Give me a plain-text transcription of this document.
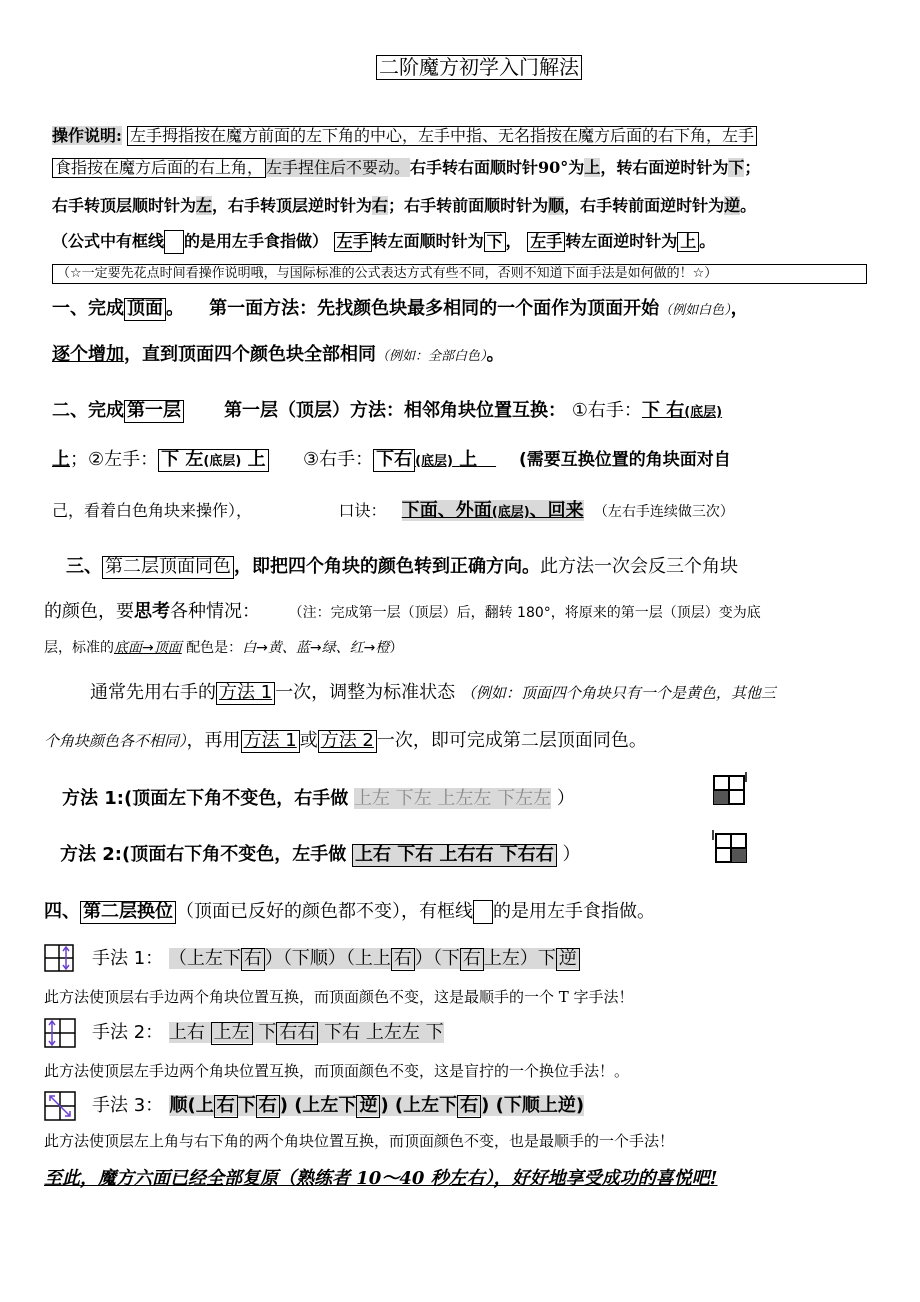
二阶魔方初学入门解法
操作说明: 左手拇指按在魔方前面的左下角的中心，左手中指、无名指按在魔方后面的右下角，左手
食指按在魔方后面的右上角， 左手捏住后不要动。右手转右面顺时针90°为上，转右面逆时针为下；
右手转顶层顺时针为左，右手转顶层逆时针为右；右手转前面顺时针为顺，右手转前面逆时针为逆。
（公式中有框线 的是用左手食指做） 左手 转左面顺时针为 下 ， 左手 转左面逆时针为 上 。
（☆一定要先花点时间看操作说明哦，与国际标准的公式表达方式有些不同，否则不知道下面手法是如何做的！☆）
一、完成 顶面 。 第一面方法：先找颜色块最多相同的一个面作为顶面开始（例如白色），
逐个增加，直到顶面四个颜色块全部相同（例如：全部白色）。
二、完成 第一层 第一层（顶层）方法：相邻角块位置互换： ①右手：下 右(底层)
上；②左手： 下 左(底层) 上 ③右手： 下右 (底层) 上 (需要互换位置的角块面对自
己，看着白色角块来操作），	口诀： 下面、外面(底层)、回来 （左右手连续做三次）
三、 第二层顶面同色 ，即把四个角块的颜色转到正确方向。此方法一次会反三个角块
的颜色，要思考各种情况： （注：完成第一层（顶层）后，翻转 180°，将原来的第一层（顶层）变为底
层，标准的底面→顶面 配色是：白→黄、蓝→绿、红→橙）
通常先用右手的 方法 1 一次，调整为标准状态 （例如：顶面四个角块只有一个是黄色，其他三
个角块颜色各不相同），再用 方法 1 或 方法 2 一次，即可完成第二层顶面同色。
方法 1:(顶面左下角不变色，右手做 上左 下左 上左左 下左左 ）
方法 2:(顶面右下角不变色，左手做 上右 下右 上右右 下右右 ）
四、 第二层换位 （顶面已反好的颜色都不变），有框线 的是用左手食指做。
手法 1： （上左下 右 ）（下顺）（上上 右 ）（下 右 上左）下 逆
此方法使顶层右手边两个角块位置互换，而顶面颜色不变，这是最顺手的一个 T 字手法！
手法 2： 上右 上左 下 右右 下右 上左左 下
此方法使顶层左手边两个角块位置互换，而顶面颜色不变，这是盲拧的一个换位手法！。
手法 3： 顺(上 右 下 右 ) (上左下 逆 ) (上左下 右 ) (下顺上逆)
此方法使顶层左上角与右下角的两个角块位置互换，而顶面颜色不变，也是最顺手的一个手法！
至此，魔方六面已经全部复原（熟练者 10～40 秒左右），好好地享受成功的喜悦吧!
